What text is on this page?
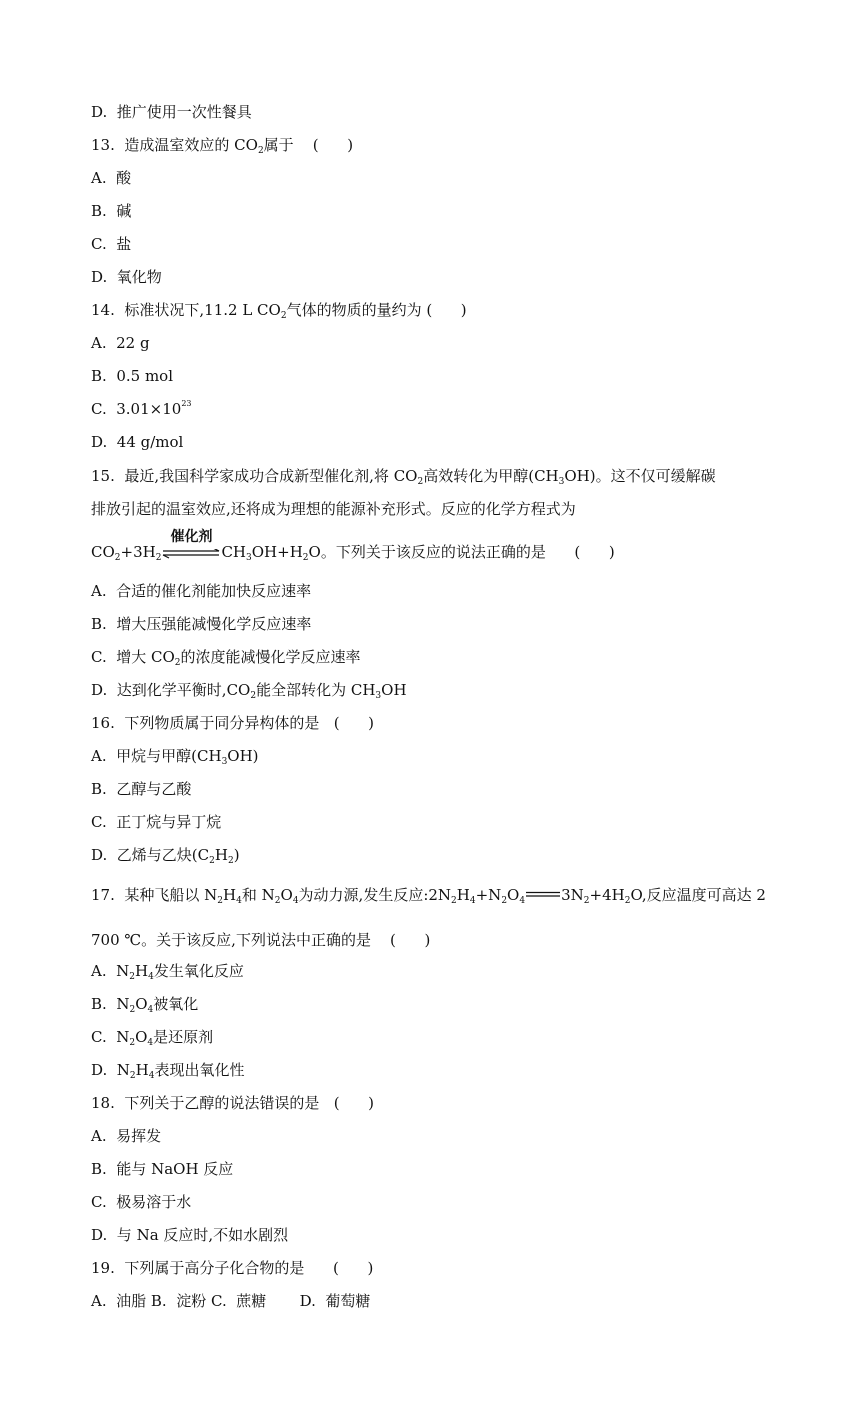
D.  推广使用一次性餐具
13.  造成温室效应的 $CO_2$属于    (      )
A.  酸
B.  碱
C.  盐
D.  氧化物
14.  标准状况下,11.2 L $CO_2$气体的物质的量约为 (      )
A.  22 g
B.  0.5 mol
C.  $3.01\times 10^{23}$
D.  44 g/mol
15.  最近,我国科学家成功合成新型催化剂,将 $CO_2$高效转化为甲醇$(CH_3OH)$。这不仅可缓解碳
排放引起的温室效应,还将成为理想的能源补充形式。反应的化学方程式为
$CO_2+3H_2$
催化剂
$CH_3OH+H_2O$。下列关于该反应的说法正确的是      (      )
A.  合适的催化剂能加快反应速率
B.  增大压强能减慢化学反应速率
C.  增大 $CO_2$的浓度能减慢化学反应速率
D.  达到化学平衡时$,CO_2$能全部转化为 $CH_3OH$
16.  下列物质属于同分异构体的是   (      )
A.  甲烷与甲醇$(CH_3OH)$
B.  乙醇与乙酸
C.  正丁烷与异丁烷
D.  乙烯与乙炔$(C_2H_2)$
17.  某种飞船以 $N_2H_4$和 $N_2O_4$为动力源,发生反应$:2N_2H_4+N_2O_4$ $3N_2+4H_2O$,反应温度可高达 2
700 ℃。关于该反应,下列说法中正确的是    (      )
A.  $N_2H_4$发生氧化反应
B.  $N_2O_4$被氧化
C.  $N_2O_4$是还原剂
D.  $N_2H_4$表现出氧化性
18.  下列关于乙醇的说法错误的是   (      )
A.  易挥发
B.  能与 NaOH 反应
C.  极易溶于水
D.  与 Na 反应时,不如水剧烈
19.  下列属于高分子化合物的是      (      )
A.  油脂 B.  淀粉 C.  蔗糖       D.  葡萄糖
